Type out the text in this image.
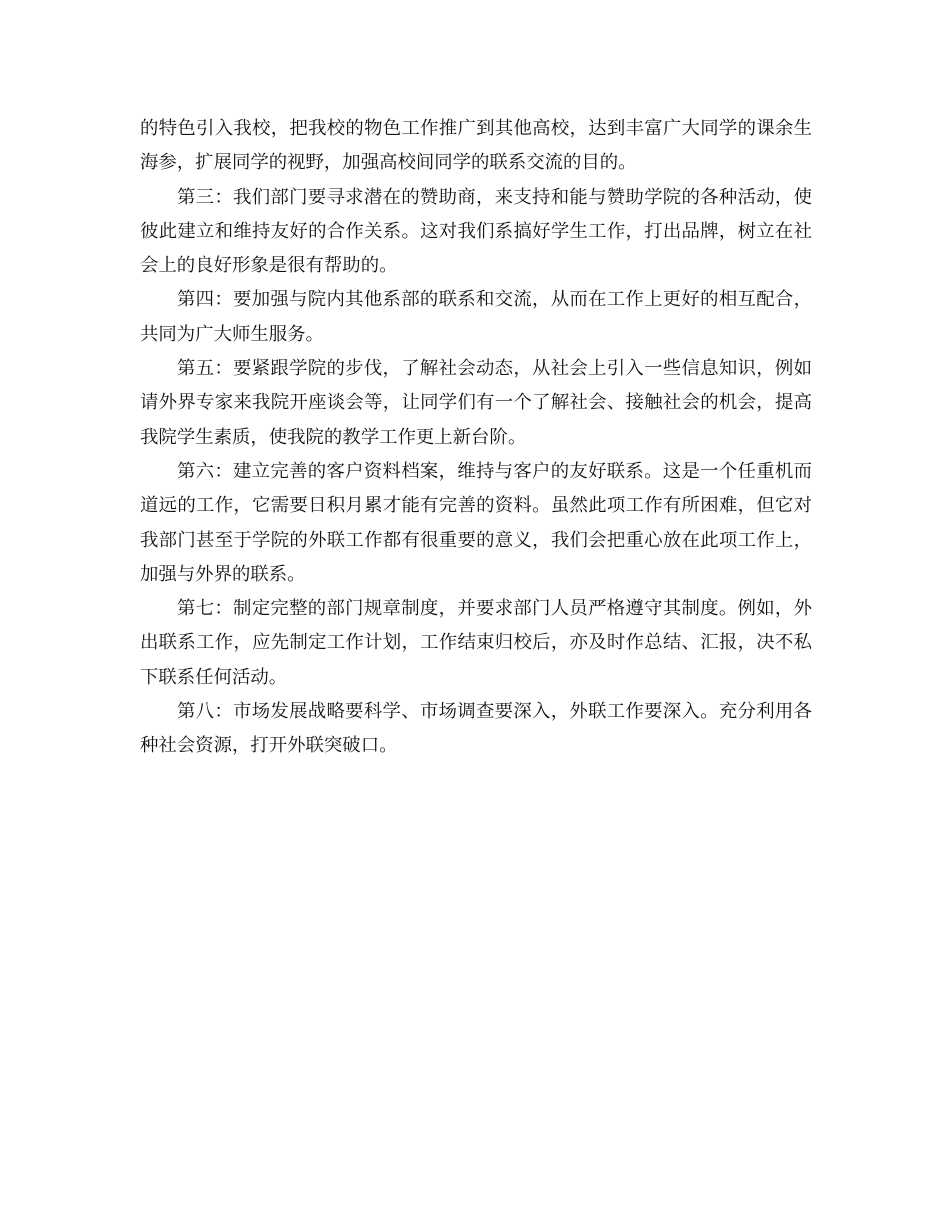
的特色引入我校，把我校的物色工作推广到其他高校，达到丰富广大同学的课余生海参，扩展同学的视野，加强高校间同学的联系交流的目的。

第三：我们部门要寻求潜在的赞助商，来支持和能与赞助学院的各种活动，使彼此建立和维持友好的合作关系。这对我们系搞好学生工作，打出品牌，树立在社会上的良好形象是很有帮助的。

第四：要加强与院内其他系部的联系和交流，从而在工作上更好的相互配合，共同为广大师生服务。

第五：要紧跟学院的步伐，了解社会动态，从社会上引入一些信息知识，例如请外界专家来我院开座谈会等，让同学们有一个了解社会、接触社会的机会，提高我院学生素质，使我院的教学工作更上新台阶。

第六：建立完善的客户资料档案，维持与客户的友好联系。这是一个任重机而道远的工作，它需要日积月累才能有完善的资料。虽然此项工作有所困难，但它对我部门甚至于学院的外联工作都有很重要的意义，我们会把重心放在此项工作上，加强与外界的联系。

第七：制定完整的部门规章制度，并要求部门人员严格遵守其制度。例如，外出联系工作，应先制定工作计划，工作结束归校后，亦及时作总结、汇报，决不私下联系任何活动。

第八：市场发展战略要科学、市场调查要深入，外联工作要深入。充分利用各种社会资源，打开外联突破口。
